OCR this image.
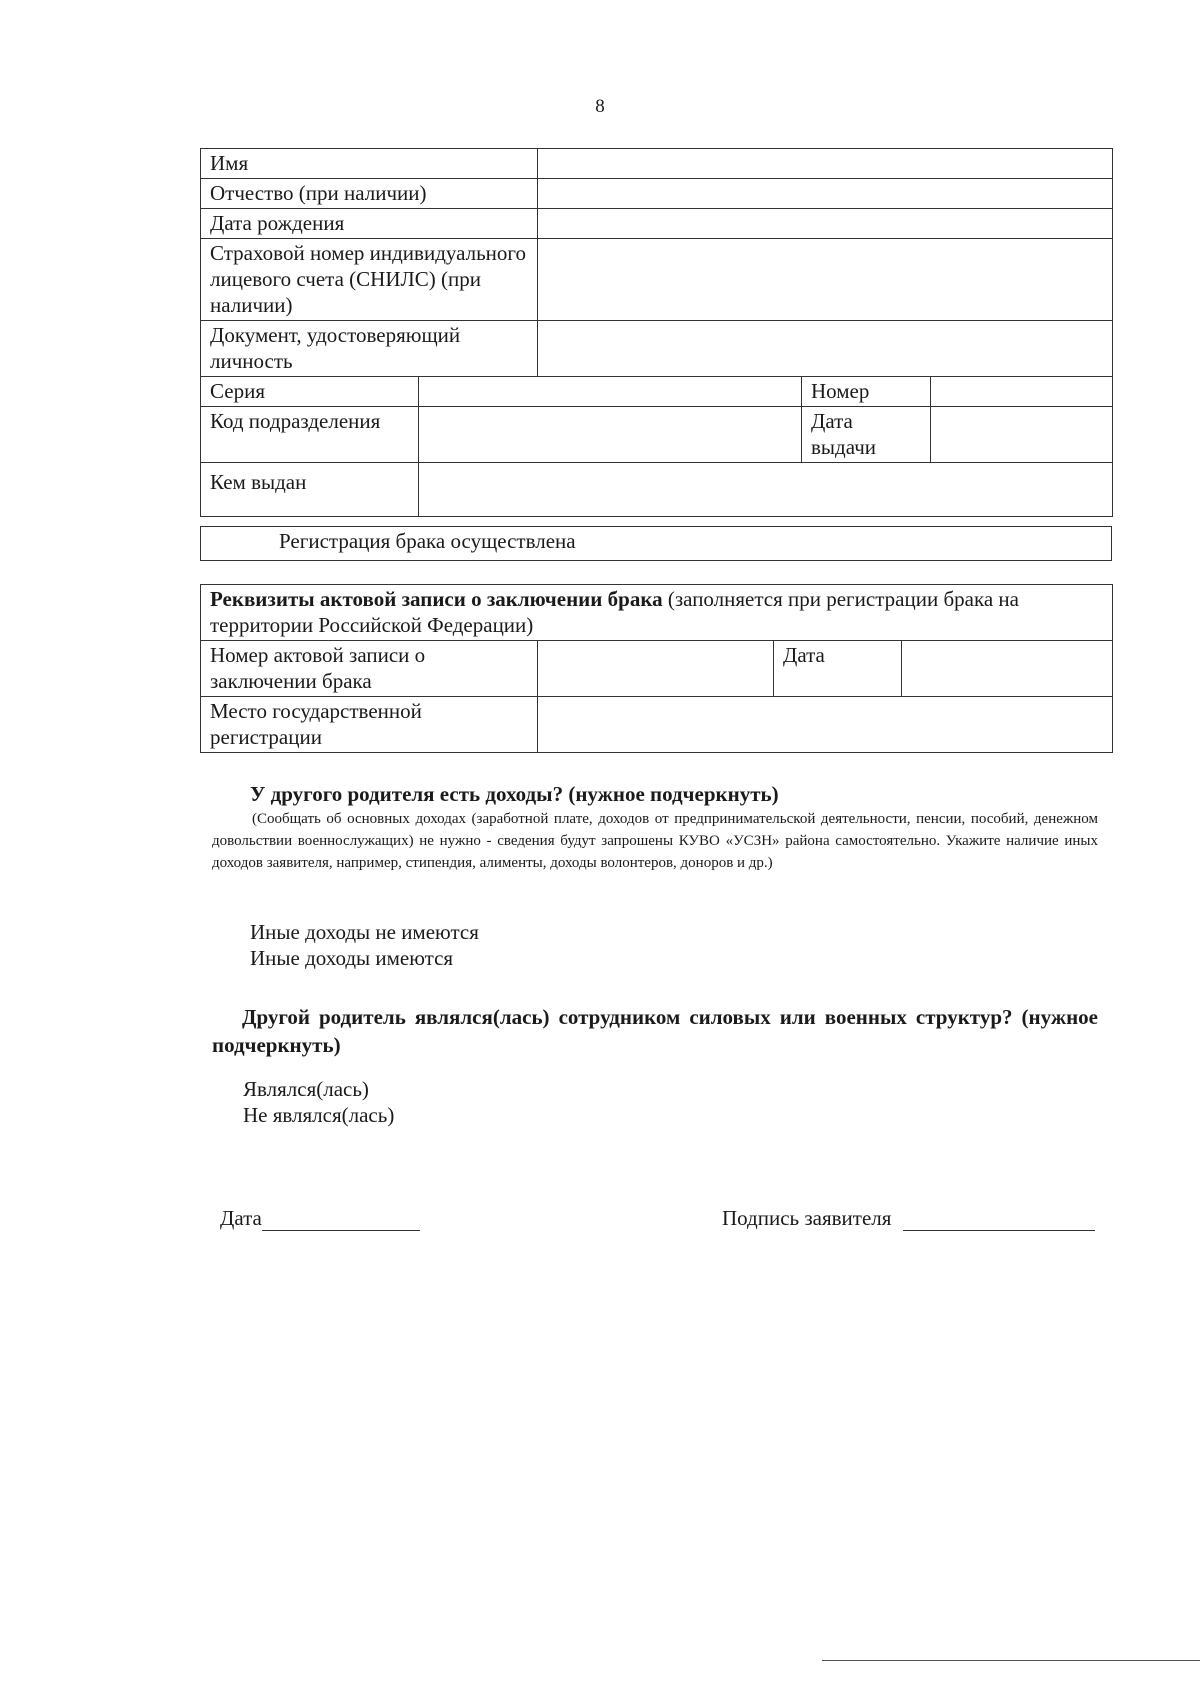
8
Имя				
Отчество (при наличии)				
Дата рождения				
Страховой номер индивидуального лицевого счета (СНИЛС) (при наличии)				
Документ, удостоверяющий личность				
Серия			Номер	
Код подразделения			Дата выдачи	
Кем выдан				
Регистрация брака осуществлена
Реквизиты актовой записи о заключении брака (заполняется при регистрации брака на территории Российской Федерации)			
Номер актовой записи о заключении брака		Дата	
Место государственной регистрации			
У другого родителя есть доходы? (нужное подчеркнуть)
(Сообщать об основных доходах (заработной плате, доходов от предпринимательской деятельности, пенсии, пособий, денежном довольствии военнослужащих) не нужно - сведения будут запрошены КУВО «УСЗН» района самостоятельно. Укажите наличие иных доходов заявителя, например, стипендия, алименты, доходы волонтеров, доноров и др.)
Иные доходы не имеются
Иные доходы имеются
Другой родитель являлся(лась) сотрудником силовых или военных структур? (нужное подчеркнуть)
Являлся(лась)
Не являлся(лась)
Дата	Подпись заявителя
